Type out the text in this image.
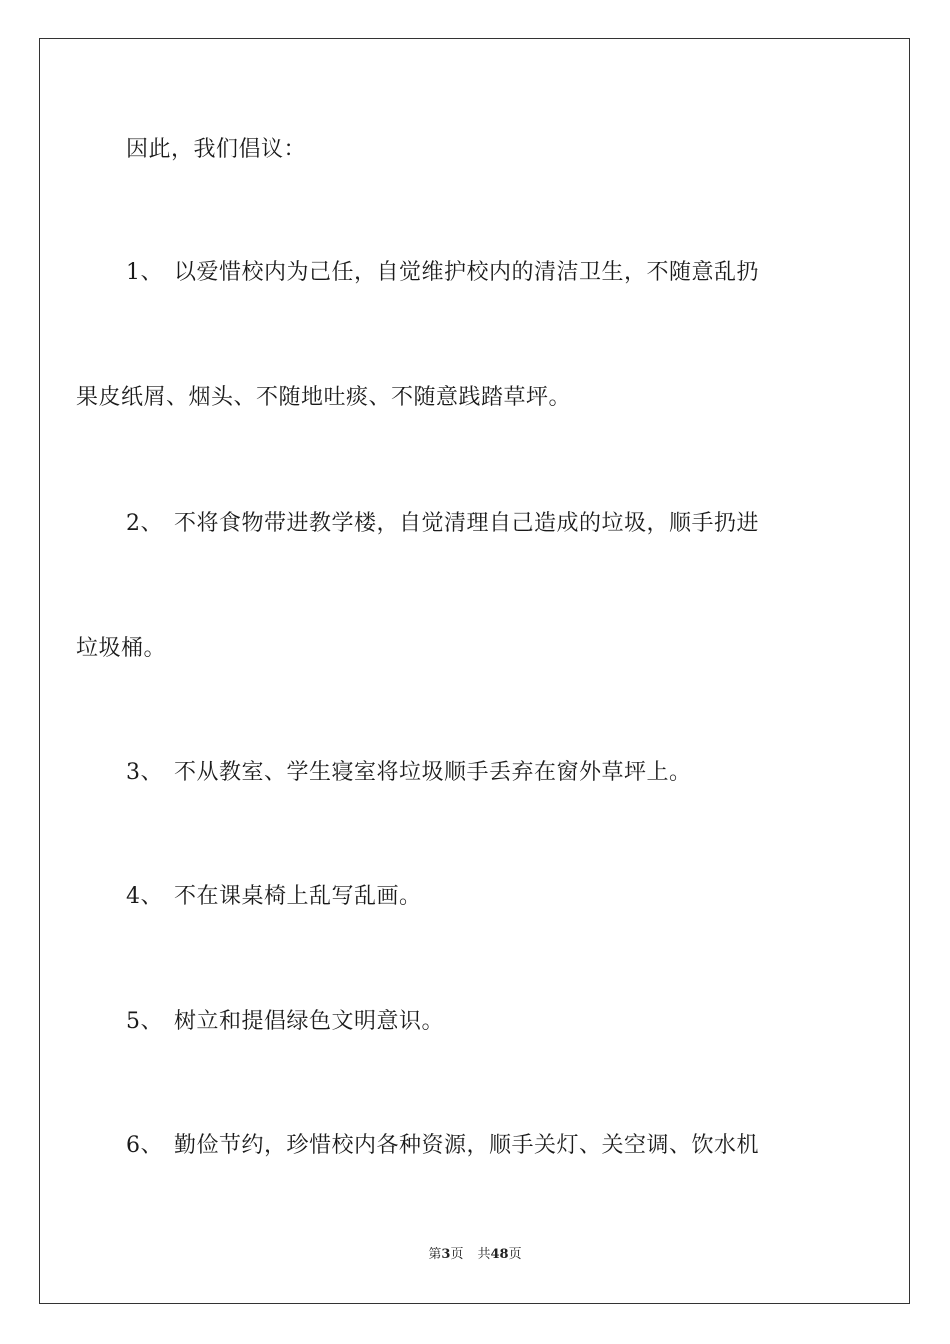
因此，我们倡议：
1、 以爱惜校内为己任，自觉维护校内的清洁卫生，不随意乱扔
果皮纸屑、烟头、不随地吐痰、不随意践踏草坪。
2、 不将食物带进教学楼，自觉清理自己造成的垃圾，顺手扔进
垃圾桶。
3、 不从教室、学生寝室将垃圾顺手丢弃在窗外草坪上。
4、 不在课桌椅上乱写乱画。
5、 树立和提倡绿色文明意识。
6、 勤俭节约，珍惜校内各种资源，顺手关灯、关空调、饮水机
第3页 共48页
